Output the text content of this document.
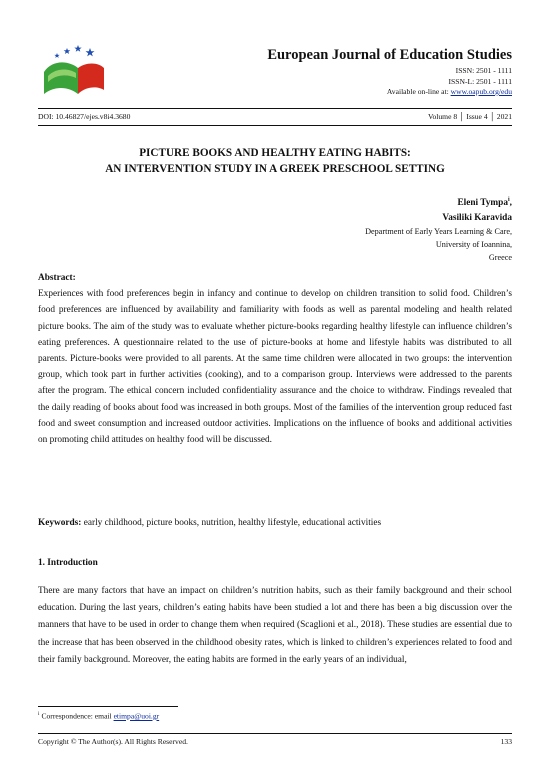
European Journal of Education Studies
ISSN: 2501 - 1111
ISSN-L: 2501 - 1111
Available on-line at: www.oapub.org/edu
DOI: 10.46827/ejes.v8i4.3680	Volume 8 │ Issue 4 │ 2021
PICTURE BOOKS AND HEALTHY EATING HABITS:
AN INTERVENTION STUDY IN A GREEK PRESCHOOL SETTING
Eleni Tympa$^i$,
Vasiliki Karavida
Department of Early Years Learning & Care,
University of Ioannina,
Greece
Abstract:
Experiences with food preferences begin in infancy and continue to develop on children transition to solid food. Children’s food preferences are influenced by availability and familiarity with foods as well as parental modeling and health related picture books. The aim of the study was to evaluate whether picture-books regarding healthy lifestyle can influence children’s eating preferences. A questionnaire related to the use of picture-books at home and lifestyle habits was distributed to all parents. Picture-books were provided to all parents. At the same time children were allocated in two groups: the intervention group, which took part in further activities (cooking), and to a comparison group. Interviews were addressed to the parents after the program. The ethical concern included confidentiality assurance and the choice to withdraw. Findings revealed that the daily reading of books about food was increased in both groups. Most of the families of the intervention group reduced fast food and sweet consumption and increased outdoor activities. Implications on the influence of books and additional activities on promoting child attitudes on healthy food will be discussed.
Keywords: early childhood, picture books, nutrition, healthy lifestyle, educational activities
1. Introduction
There are many factors that have an impact on children’s nutrition habits, such as their family background and their school education. During the last years, children’s eating habits have been studied a lot and there has been a big discussion over the manners that have to be used in order to change them when required (Scaglioni et al., 2018). These studies are essential due to the increase that has been observed in the childhood obesity rates, which is linked to children’s experiences related to food and their family background. Moreover, the eating habits are formed in the early years of an individual,
$^i$ Correspondence: email etimpa@uoi.gr
Copyright © The Author(s). All Rights Reserved.	133
